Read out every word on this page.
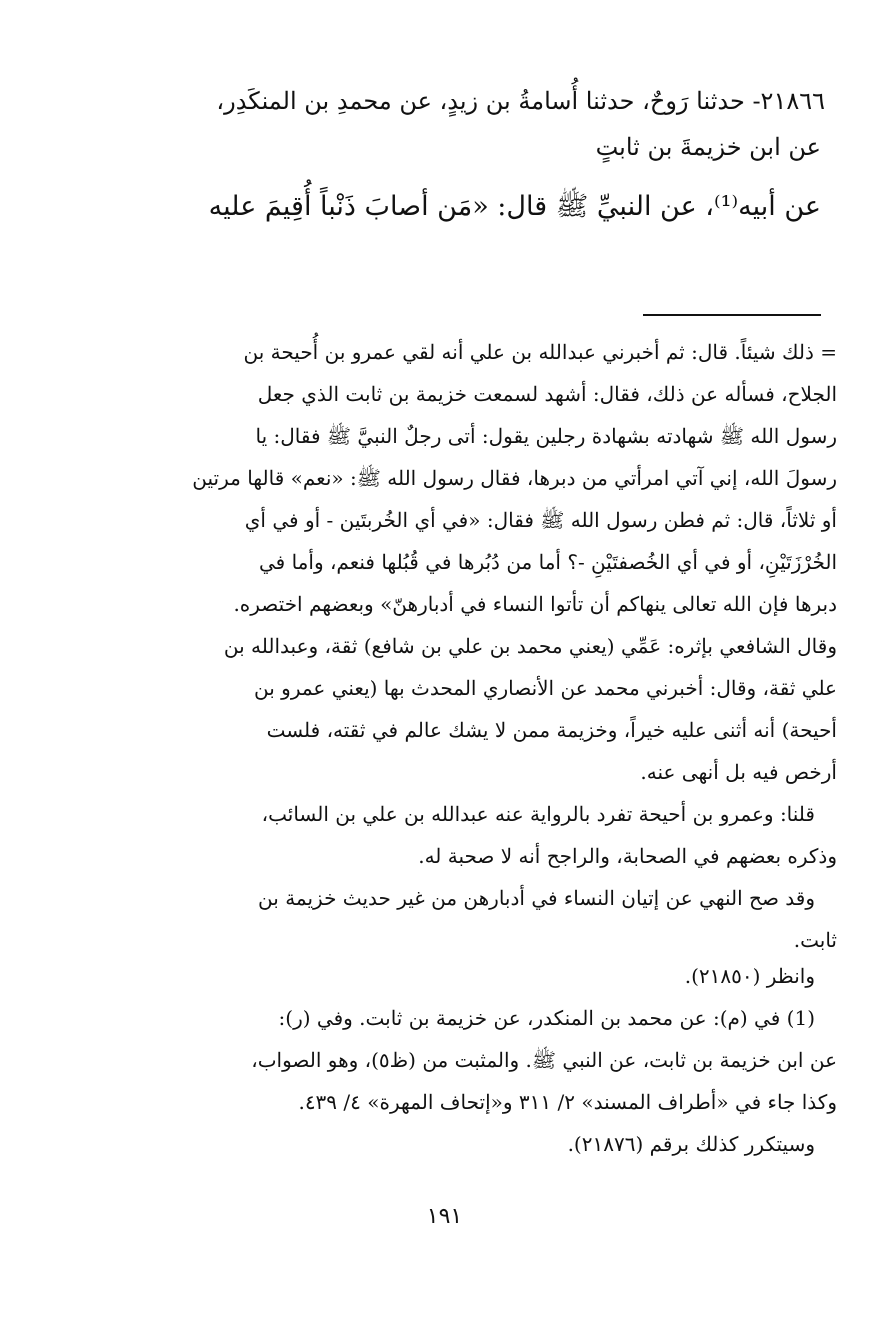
٢١٨٦٦- حدثنا رَوحٌ، حدثنا أُسامةُ بن زيدٍ، عن محمدِ بن المنكَدِر،
عن ابن خزيمةَ بن ثابتٍ
عن أبيه⁽¹⁾، عن النبيِّ ﷺ قال: «مَن أصابَ ذَنْباً أُقِيمَ عليه
= ذلك شيئاً. قال: ثم أخبرني عبدالله بن علي أنه لقي عمرو بن أُحيحة بن
الجلاح، فسأله عن ذلك، فقال: أشهد لسمعت خزيمة بن ثابت الذي جعل
رسول الله ﷺ شهادته بشهادة رجلين يقول: أتى رجلٌ النبيَّ ﷺ فقال: يا
رسولَ الله، إني آتي امرأتي من دبرها، فقال رسول الله ﷺ: «نعم» قالها مرتين
أو ثلاثاً، قال: ثم فطن رسول الله ﷺ فقال: «في أي الخُربتَين - أو في أي
الخُرْزَتَيْنِ، أو في أي الخُصفتَيْنِ -؟ أما من دُبُرها في قُبُلها فنعم، وأما في
دبرها فإن الله تعالى ينهاكم أن تأتوا النساء في أدبارهنّ» وبعضهم اختصره.
وقال الشافعي بإثره: عَمِّي (يعني محمد بن علي بن شافع) ثقة، وعبدالله بن
علي ثقة، وقال: أخبرني محمد عن الأنصاري المحدث بها (يعني عمرو بن
أحيحة) أنه أثنى عليه خيراً، وخزيمة ممن لا يشك عالم في ثقته، فلست
أرخص فيه بل أنهى عنه.
قلنا: وعمرو بن أحيحة تفرد بالرواية عنه عبدالله بن علي بن السائب،
وذكره بعضهم في الصحابة، والراجح أنه لا صحبة له.
وقد صح النهي عن إتيان النساء في أدبارهن من غير حديث خزيمة بن
ثابت.
وانظر (٢١٨٥٠).
(1) في (م): عن محمد بن المنكدر، عن خزيمة بن ثابت. وفي (ر):
عن ابن خزيمة بن ثابت، عن النبي ﷺ. والمثبت من (ظ٥)، وهو الصواب،
وكذا جاء في «أطراف المسند» ٢/ ٣١١ و«إتحاف المهرة» ٤/ ٤٣٩.
وسيتكرر كذلك برقم (٢١٨٧٦).
١٩١
